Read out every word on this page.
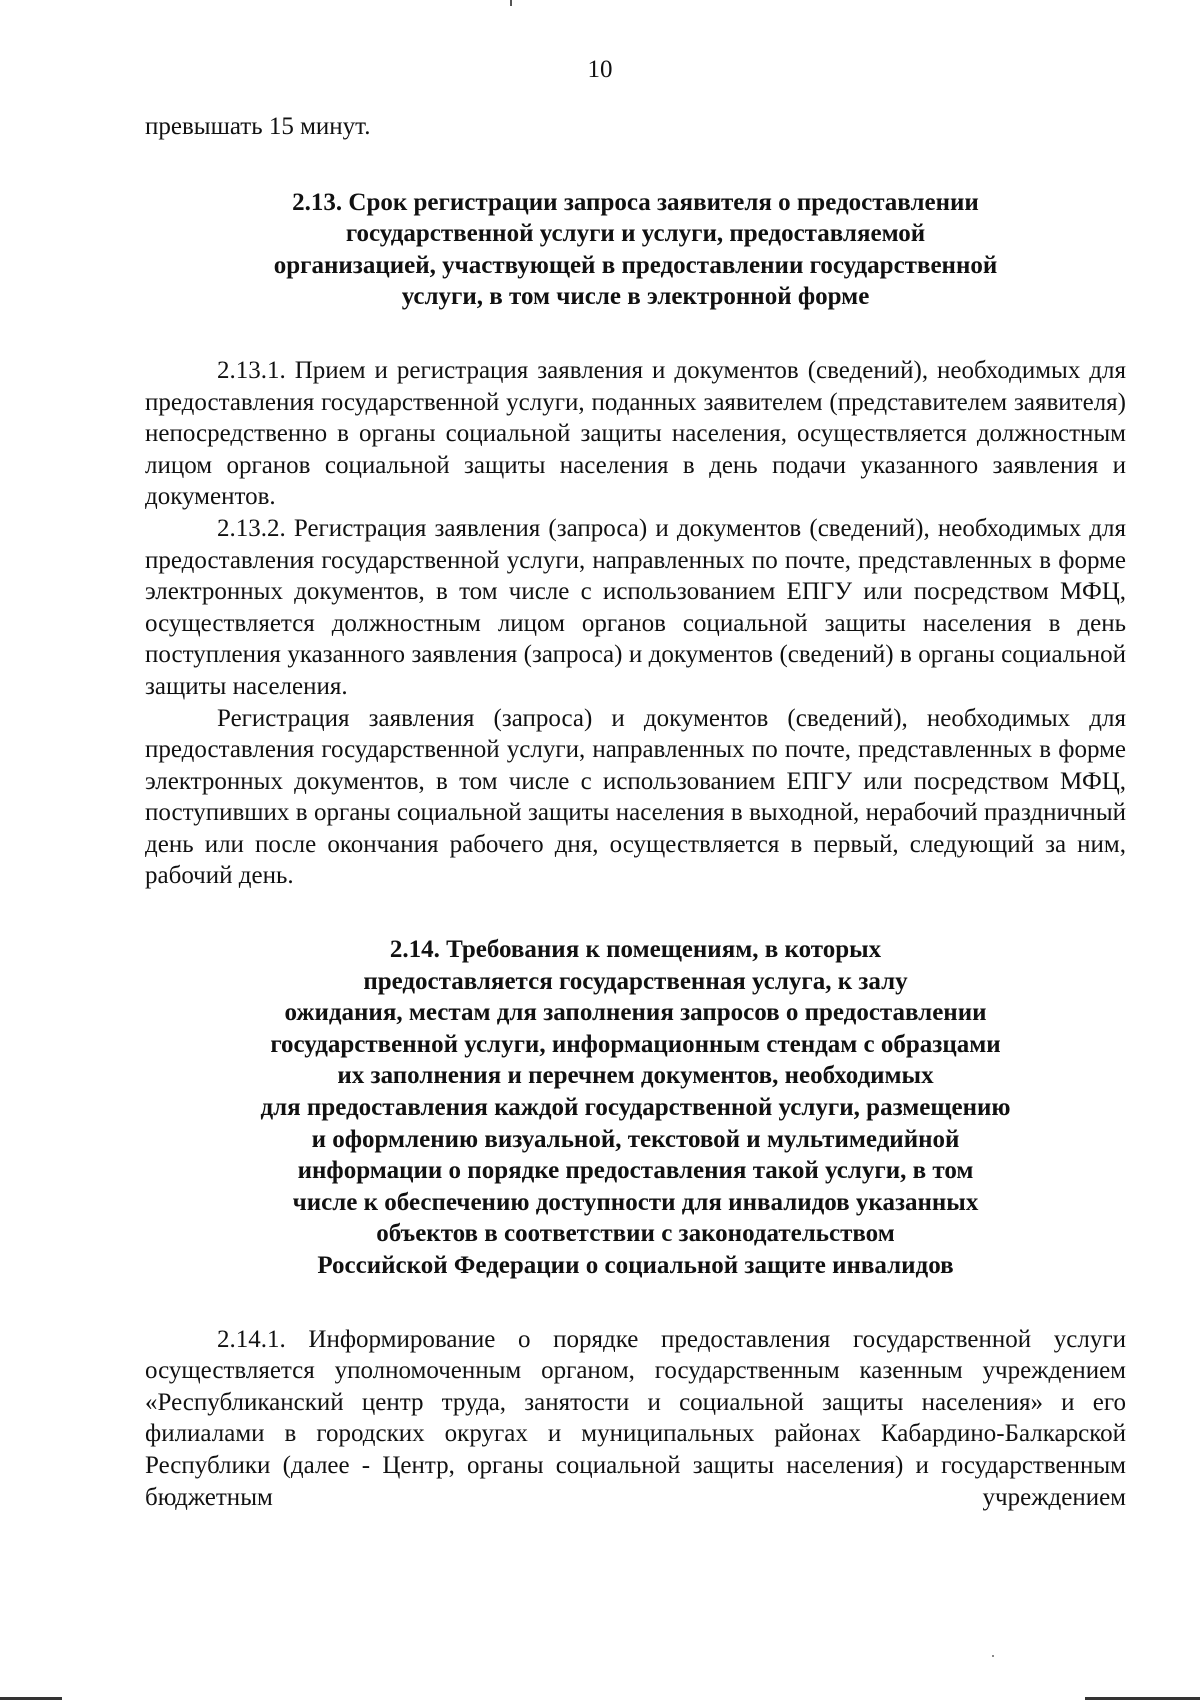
10

превышать 15 минут.

2.13. Срок регистрации запроса заявителя о предоставлении
государственной услуги и услуги, предоставляемой
организацией, участвующей в предоставлении государственной
услуги, в том числе в электронной форме

2.13.1. Прием и регистрация заявления и документов (сведений), необходимых для предоставления государственной услуги, поданных заявителем (представителем заявителя) непосредственно в органы социальной защиты населения, осуществляется должностным лицом органов социальной защиты населения в день подачи указанного заявления и документов.

2.13.2. Регистрация заявления (запроса) и документов (сведений), необходимых для предоставления государственной услуги, направленных по почте, представленных в форме электронных документов, в том числе с использованием ЕПГУ или посредством МФЦ, осуществляется должностным лицом органов социальной защиты населения в день поступления указанного заявления (запроса) и документов (сведений) в органы социальной защиты населения.

Регистрация заявления (запроса) и документов (сведений), необходимых для предоставления государственной услуги, направленных по почте, представленных в форме электронных документов, в том числе с использованием ЕПГУ или посредством МФЦ, поступивших в органы социальной защиты населения в выходной, нерабочий праздничный день или после окончания рабочего дня, осуществляется в первый, следующий за ним, рабочий день.

2.14. Требования к помещениям, в которых
предоставляется государственная услуга, к залу
ожидания, местам для заполнения запросов о предоставлении
государственной услуги, информационным стендам с образцами
их заполнения и перечнем документов, необходимых
для предоставления каждой государственной услуги, размещению
и оформлению визуальной, текстовой и мультимедийной
информации о порядке предоставления такой услуги, в том
числе к обеспечению доступности для инвалидов указанных
объектов в соответствии с законодательством
Российской Федерации о социальной защите инвалидов

2.14.1. Информирование о порядке предоставления государственной услуги осуществляется уполномоченным органом, государственным казенным учреждением «Республиканский центр труда, занятости и социальной защиты населения» и его филиалами в городских округах и муниципальных районах Кабардино-Балкарской Республики (далее - Центр, органы социальной защиты населения) и государственным бюджетным учреждением
